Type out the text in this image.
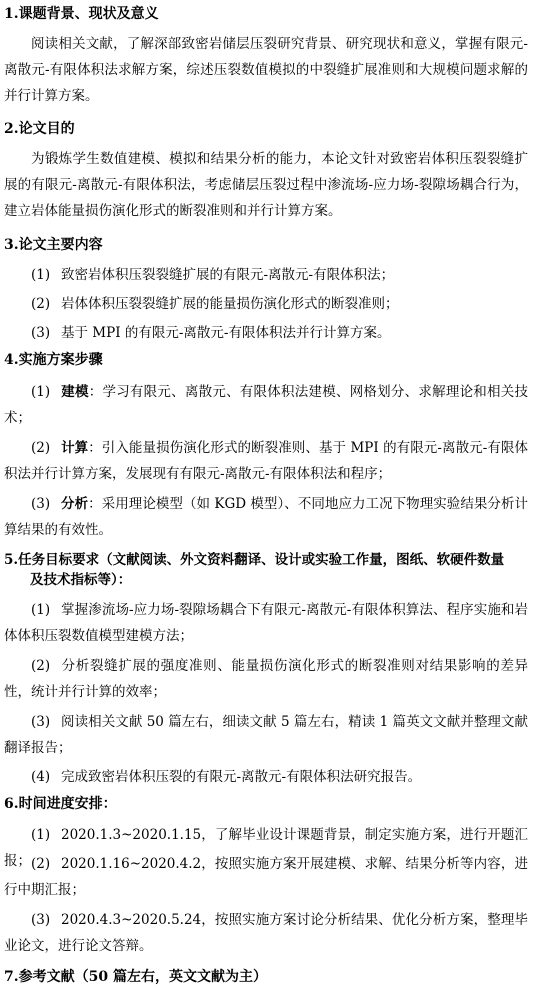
1.课题背景、现状及意义
阅读相关文献，了解深部致密岩储层压裂研究背景、研究现状和意义，掌握有限元-离散元-有限体积法求解方案，综述压裂数值模拟的中裂缝扩展准则和大规模问题求解的并行计算方案。
2.论文目的
为锻炼学生数值建模、模拟和结果分析的能力，本论文针对致密岩体积压裂裂缝扩展的有限元-离散元-有限体积法，考虑储层压裂过程中渗流场-应力场-裂隙场耦合行为，建立岩体能量损伤演化形式的断裂准则和并行计算方案。
3.论文主要内容
(1) 致密岩体积压裂裂缝扩展的有限元-离散元-有限体积法；
(2) 岩体体积压裂裂缝扩展的能量损伤演化形式的断裂准则；
(3) 基于 MPI 的有限元-离散元-有限体积法并行计算方案。
4.实施方案步骤
(1) 建模：学习有限元、离散元、有限体积法建模、网格划分、求解理论和相关技术；
(2) 计算：引入能量损伤演化形式的断裂准则、基于 MPI 的有限元-离散元-有限体积法并行计算方案，发展现有有限元-离散元-有限体积法和程序；
(3) 分析：采用理论模型（如 KGD 模型）、不同地应力工况下物理实验结果分析计算结果的有效性。
5.任务目标要求（文献阅读、外文资料翻译、设计或实验工作量，图纸、软硬件数量
及技术指标等）：
(1) 掌握渗流场-应力场-裂隙场耦合下有限元-离散元-有限体积算法、程序实施和岩体体积压裂数值模型建模方法；
(2) 分析裂缝扩展的强度准则、能量损伤演化形式的断裂准则对结果影响的差异性，统计并行计算的效率；
(3) 阅读相关文献 50 篇左右，细读文献 5 篇左右，精读 1 篇英文文献并整理文献翻译报告；
(4) 完成致密岩体积压裂的有限元-离散元-有限体积法研究报告。
6.时间进度安排：
(1) 2020.1.3~2020.1.15，了解毕业设计课题背景，制定实施方案，进行开题汇报； (2) 2020.1.16~2020.4.2，按照实施方案开展建模、求解、结果分析等内容，进行中期汇报；
(3) 2020.4.3~2020.5.24，按照实施方案讨论分析结果、优化分析方案，整理毕业论文，进行论文答辩。
7.参考文献（50 篇左右，英文文献为主）
